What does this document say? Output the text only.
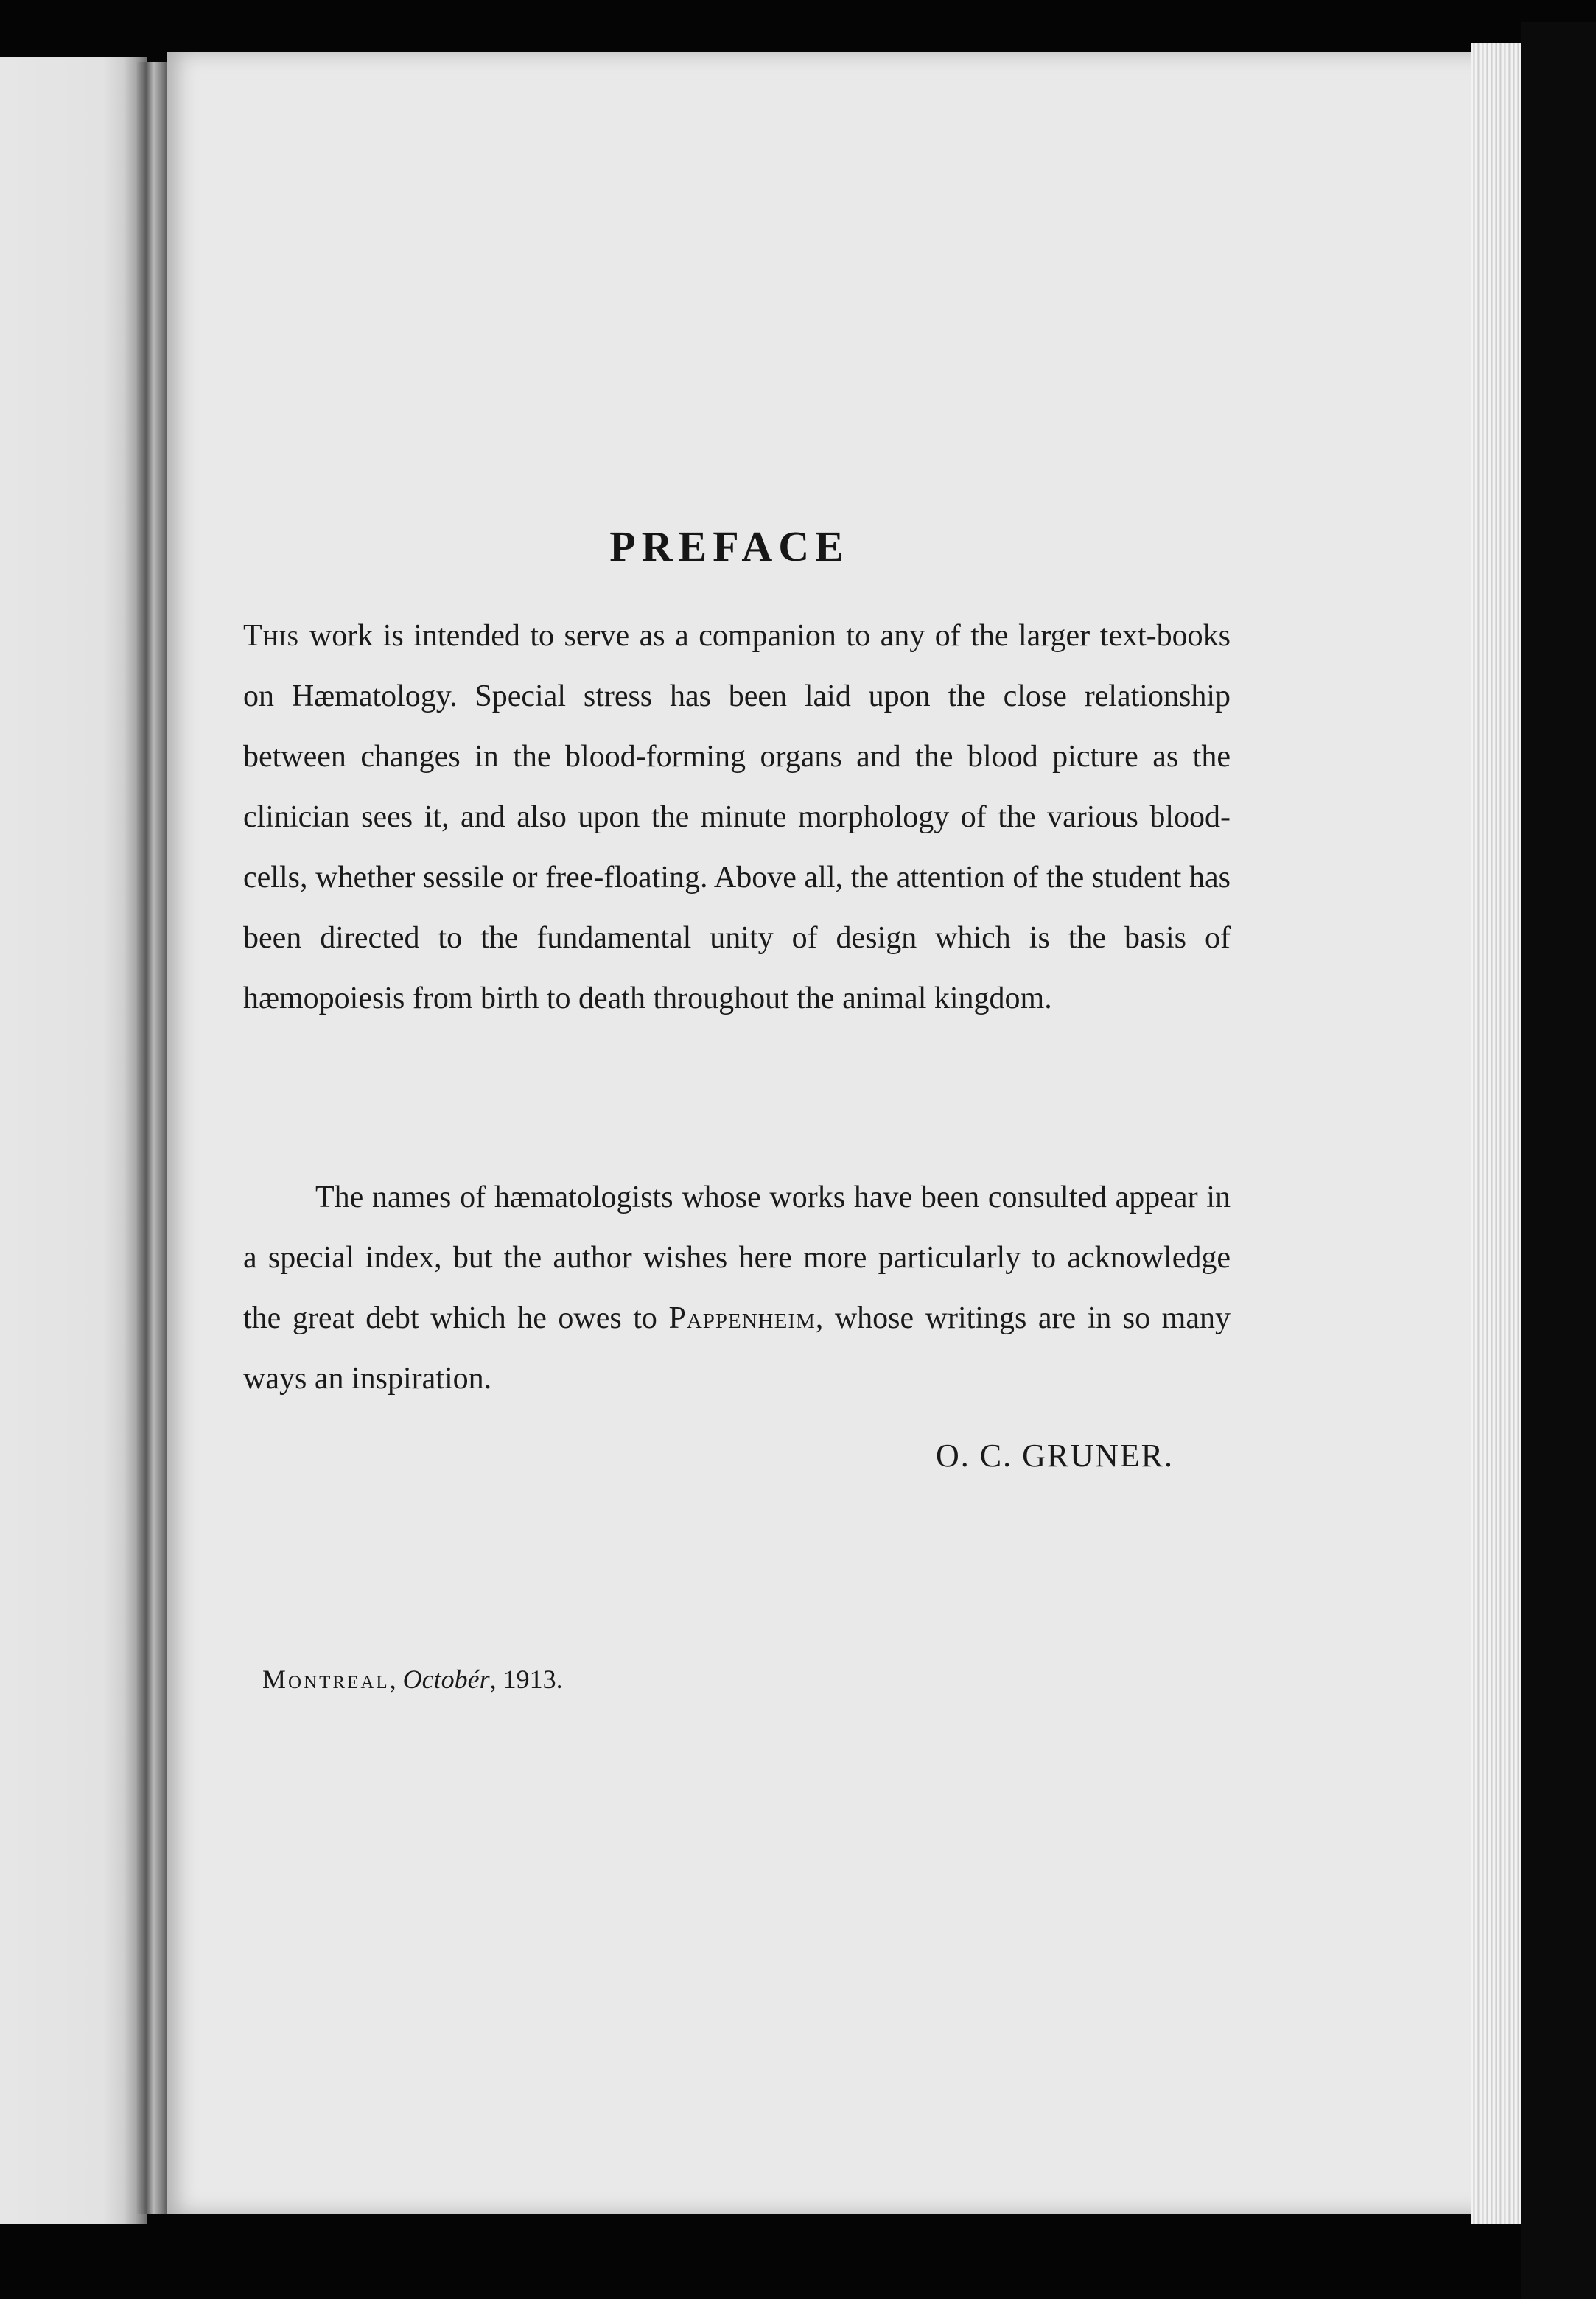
PREFACE

This work is intended to serve as a companion to any of the larger text-books on Hæmatology. Special stress has been laid upon the close relationship between changes in the blood-forming organs and the blood picture as the clinician sees it, and also upon the minute morphology of the various blood-cells, whether sessile or free-floating. Above all, the attention of the student has been directed to the fundamental unity of design which is the basis of hæmopoiesis from birth to death throughout the animal kingdom.

The names of hæmatologists whose works have been consulted appear in a special index, but the author wishes here more particularly to acknowledge the great debt which he owes to Pappenheim, whose writings are in so many ways an inspiration.

O. C. GRUNER.
Montreal, Octobér, 1913.
